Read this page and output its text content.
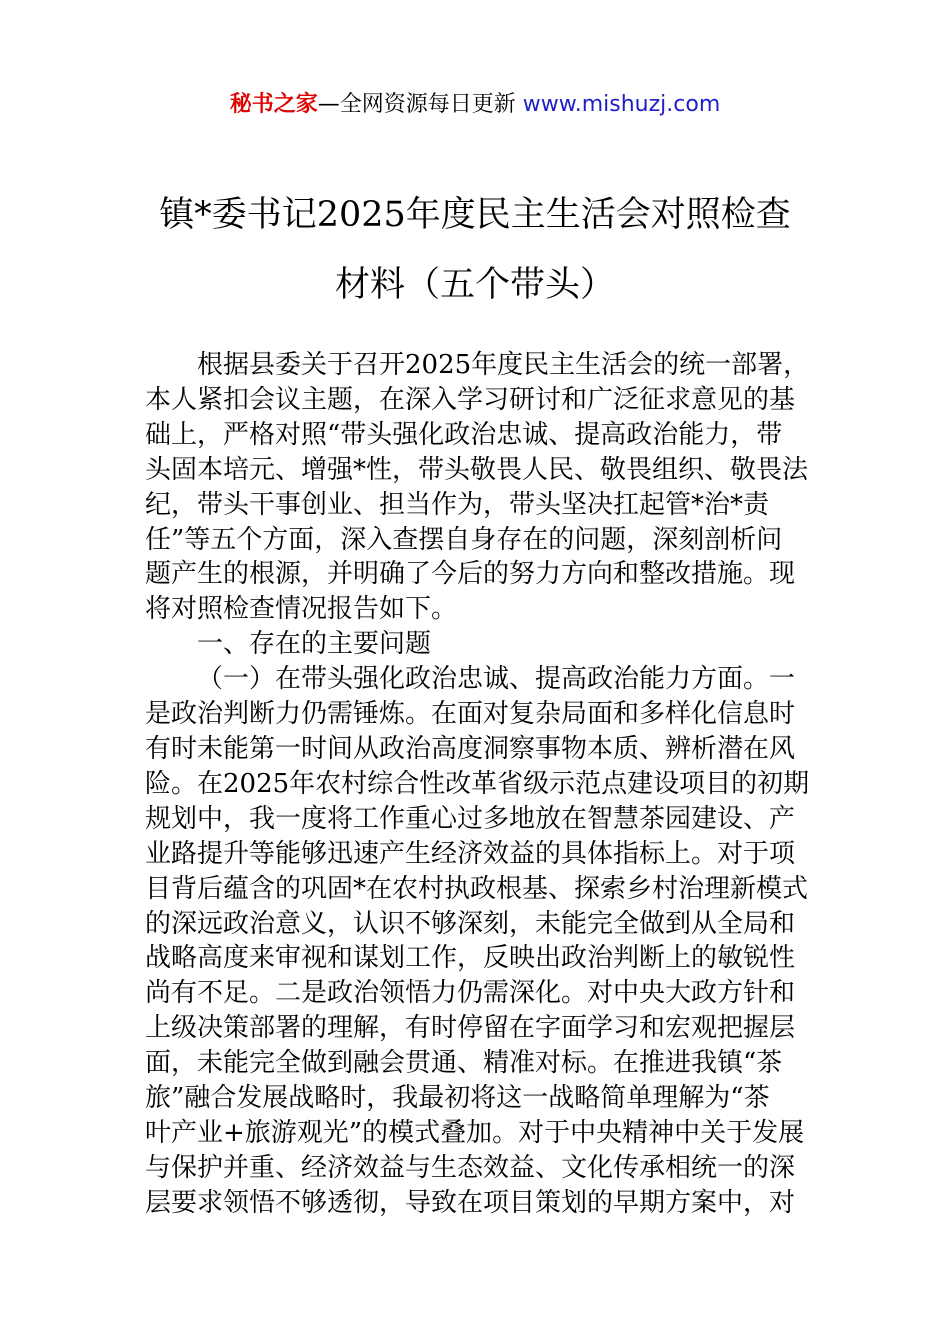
秘书之家—全网资源每日更新 www.mishuzj.com
镇*委书记2025年度民主生活会对照检查
材料（五个带头）
根据县委关于召开2025年度民主生活会的统一部署，
本人紧扣会议主题，在深入学习研讨和广泛征求意见的基
础上，严格对照“带头强化政治忠诚、提高政治能力，带
头固本培元、增强*性，带头敬畏人民、敬畏组织、敬畏法
纪，带头干事创业、担当作为，带头坚决扛起管*治*责
任”等五个方面，深入查摆自身存在的问题，深刻剖析问
题产生的根源，并明确了今后的努力方向和整改措施。现
将对照检查情况报告如下。
一、存在的主要问题
（一）在带头强化政治忠诚、提高政治能力方面。一
是政治判断力仍需锤炼。在面对复杂局面和多样化信息时
有时未能第一时间从政治高度洞察事物本质、辨析潜在风
险。在2025年农村综合性改革省级示范点建设项目的初期
规划中，我一度将工作重心过多地放在智慧茶园建设、产
业路提升等能够迅速产生经济效益的具体指标上。对于项
目背后蕴含的巩固*在农村执政根基、探索乡村治理新模式
的深远政治意义，认识不够深刻，未能完全做到从全局和
战略高度来审视和谋划工作，反映出政治判断上的敏锐性
尚有不足。二是政治领悟力仍需深化。对中央大政方针和
上级决策部署的理解，有时停留在字面学习和宏观把握层
面，未能完全做到融会贯通、精准对标。在推进我镇“茶
旅”融合发展战略时，我最初将这一战略简单理解为“茶
叶产业+旅游观光”的模式叠加。对于中央精神中关于发展
与保护并重、经济效益与生态效益、文化传承相统一的深
层要求领悟不够透彻，导致在项目策划的早期方案中，对
